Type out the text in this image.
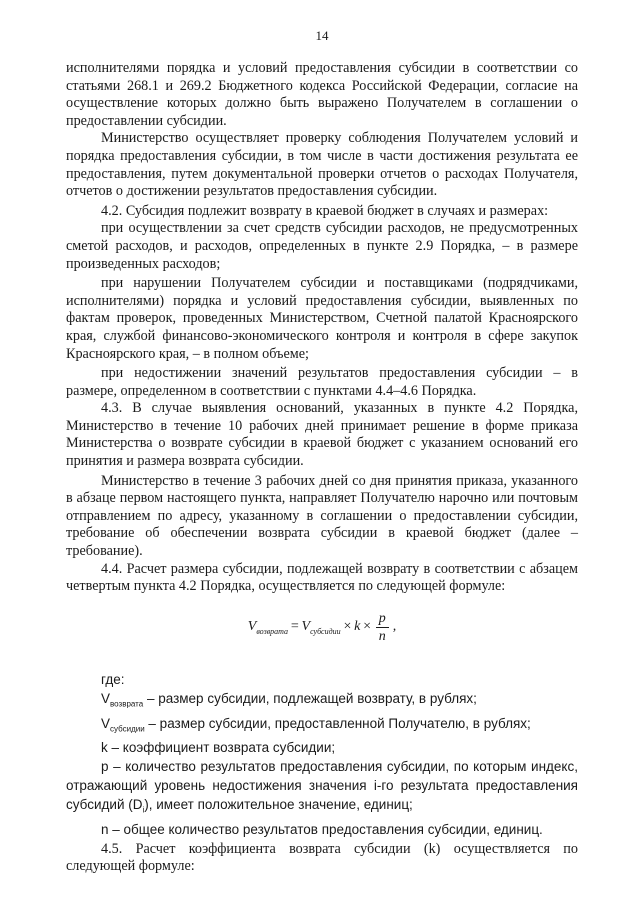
14

исполнителями порядка и условий предоставления субсидии в соответствии со статьями 268.1 и 269.2 Бюджетного кодекса Российской Федерации, согласие на осуществление которых должно быть выражено Получателем в соглашении о предоставлении субсидии.

Министерство осуществляет проверку соблюдения Получателем условий и порядка предоставления субсидии, в том числе в части достижения результата ее предоставления, путем документальной проверки отчетов о расходах Получателя, отчетов о достижении результатов предоставления субсидии.

4.2. Субсидия подлежит возврату в краевой бюджет в случаях и размерах:

при осуществлении за счет средств субсидии расходов, не предусмотренных сметой расходов, и расходов, определенных в пункте 2.9 Порядка, – в размере произведенных расходов;

при нарушении Получателем субсидии и поставщиками (подрядчиками, исполнителями) порядка и условий предоставления субсидии, выявленных по фактам проверок, проведенных Министерством, Счетной палатой Красноярского края, службой финансово-экономического контроля и контроля в сфере закупок Красноярского края, – в полном объеме;

при недостижении значений результатов предоставления субсидии – в размере, определенном в соответствии с пунктами 4.4–4.6 Порядка.

4.3. В случае выявления оснований, указанных в пункте 4.2 Порядка, Министерство в течение 10 рабочих дней принимает решение в форме приказа Министерства о возврате субсидии в краевой бюджет с указанием оснований его принятия и размера возврата субсидии.

Министерство в течение 3 рабочих дней со дня принятия приказа, указанного в абзаце первом настоящего пункта, направляет Получателю нарочно или почтовым отправлением по адресу, указанному в соглашении о предоставлении субсидии, требование об обеспечении возврата субсидии в краевой бюджет (далее – требование).

4.4. Расчет размера субсидии, подлежащей возврату в соответствии с абзацем четвертым пункта 4.2 Порядка, осуществляется по следующей формуле:

$V_{возврата} = V_{субсидии} \times k \times \frac{p}{n}$ ,
где:

$V_{возврата}$ – размер субсидии, подлежащей возврату, в рублях;

$V_{субсидии}$ – размер субсидии, предоставленной Получателю, в рублях;

k – коэффициент возврата субсидии;

p – количество результатов предоставления субсидии, по которым индекс, отражающий уровень недостижения значения i-го результата предоставления субсидий $(D_i)$, имеет положительное значение, единиц;

n – общее количество результатов предоставления субсидии, единиц.

4.5. Расчет коэффициента возврата субсидии (k) осуществляется по следующей формуле:
